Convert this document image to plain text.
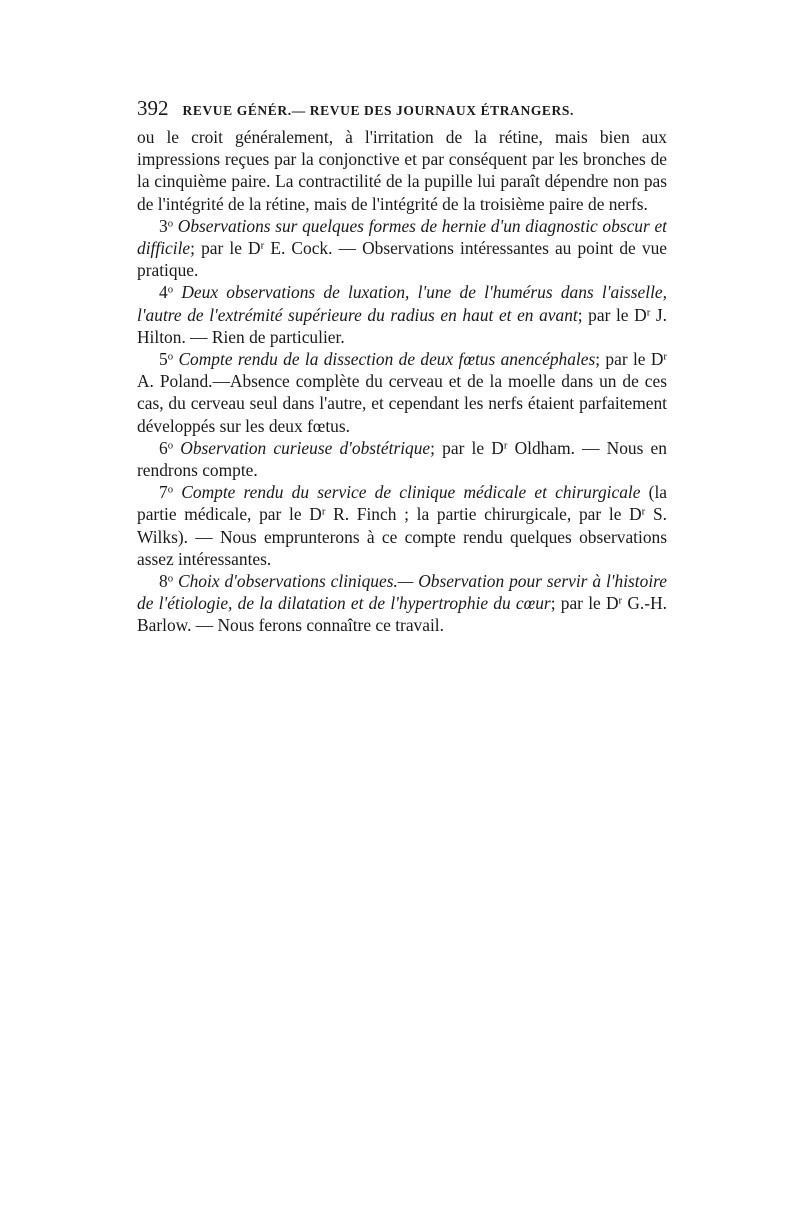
392 REVUE GÉNÉR.— REVUE DES JOURNAUX ÉTRANGERS.

ou le croit généralement, à l'irritation de la rétine, mais bien aux impressions reçues par la conjonctive et par conséquent par les bronches de la cinquième paire. La contractilité de la pupille lui paraît dépendre non pas de l'intégrité de la rétine, mais de l'intégrité de la troisième paire de nerfs.

3$^o$ Observations sur quelques formes de hernie d'un diagnostic obscur et difficile; par le $D^r$ E. Cock. — Observations intéressantes au point de vue pratique.

4$^o$ Deux observations de luxation, l'une de l'humérus dans l'aisselle, l'autre de l'extrémité supérieure du radius en haut et en avant; par le $D^r$ J. Hilton. — Rien de particulier.

5$^o$ Compte rendu de la dissection de deux fœtus anencéphales; par le $D^r$ A. Poland.—Absence complète du cerveau et de la moelle dans un de ces cas, du cerveau seul dans l'autre, et cependant les nerfs étaient parfaitement développés sur les deux fœtus.

6$^o$ Observation curieuse d'obstétrique; par le $D^r$ Oldham. — Nous en rendrons compte.

7$^o$ Compte rendu du service de clinique médicale et chirurgicale (la partie médicale, par le $D^r$ R. Finch ; la partie chirurgicale, par le $D^r$ S. Wilks). — Nous emprunterons à ce compte rendu quelques observations assez intéressantes.

8$^o$ Choix d'observations cliniques.— Observation pour servir à l'histoire de l'étiologie, de la dilatation et de l'hypertrophie du cœur; par le $D^r$ G.-H. Barlow. — Nous ferons connaître ce travail.
